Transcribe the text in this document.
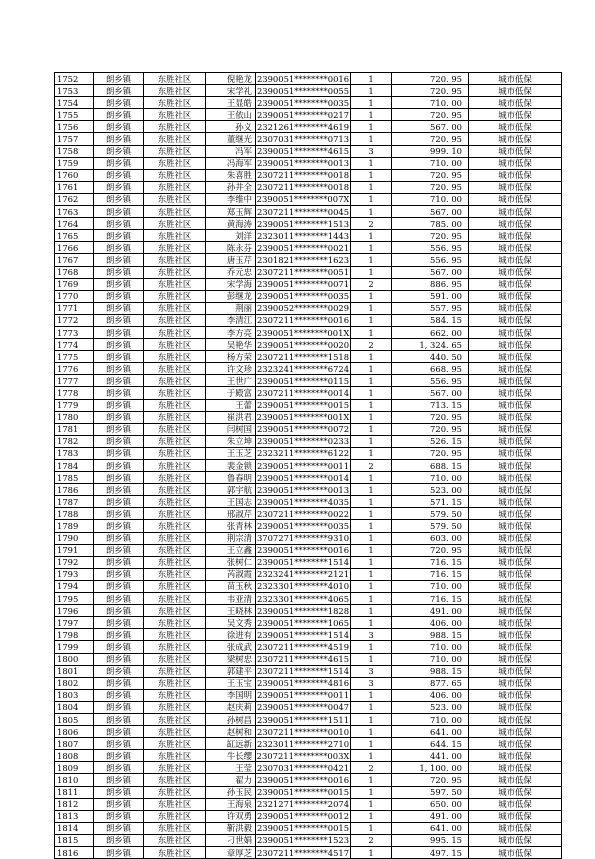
1752	朗乡镇	东胜社区	倪艳龙	2390051********0016	1	720. 95	城市低保
1753	朗乡镇	东胜社区	宋学礼	2390051********0055	1	720. 95	城市低保
1754	朗乡镇	东胜社区	王显皓	2390051********0035	1	710. 00	城市低保
1755	朗乡镇	东胜社区	王依山	2390051********0217	1	720. 95	城市低保
1756	朗乡镇	东胜社区	孙义	2321261********4619	1	567. 00	城市低保
1757	朗乡镇	东胜社区	董继光	2307031********0713	1	720. 95	城市低保
1758	朗乡镇	东胜社区	冯军	2390051********4615	3	999. 10	城市低保
1759	朗乡镇	东胜社区	冯海军	2390051********0013	1	710. 00	城市低保
1760	朗乡镇	东胜社区	朱喜胜	2307211********0018	1	720. 95	城市低保
1761	朗乡镇	东胜社区	孙井全	2307211********0018	1	720. 95	城市低保
1762	朗乡镇	东胜社区	李维中	2390051********007X	1	710. 00	城市低保
1763	朗乡镇	东胜社区	郑玉辉	2307211********0045	1	567. 00	城市低保
1764	朗乡镇	东胜社区	黄海涛	2390051********1513	2	785. 00	城市低保
1765	朗乡镇	东胜社区	刘洋	2323011********1443	1	720. 95	城市低保
1766	朗乡镇	东胜社区	陈永芬	2390051********0021	1	556. 95	城市低保
1767	朗乡镇	东胜社区	唐玉芹	2301821********1623	1	556. 95	城市低保
1768	朗乡镇	东胜社区	乔元忠	2307211********0051	1	567. 00	城市低保
1769	朗乡镇	东胜社区	宋学海	2390051********0071	2	886. 95	城市低保
1770	朗乡镇	东胜社区	彭继龙	2390051********0035	1	591. 00	城市低保
1771	朗乡镇	东胜社区	荆丽	2390052********0029	1	557. 95	城市低保
1772	朗乡镇	东胜社区	李清江	2307211********0016	1	584. 15	城市低保
1773	朗乡镇	东胜社区	李方亮	2390051********001X	1	662. 00	城市低保
1774	朗乡镇	东胜社区	吴艳华	2390051********0020	2	1, 324. 65	城市低保
1775	朗乡镇	东胜社区	杨方荣	2307211********1518	1	440. 50	城市低保
1776	朗乡镇	东胜社区	许文珍	2323241********6724	1	668. 95	城市低保
1777	朗乡镇	东胜社区	王世广	2390051********0115	1	556. 95	城市低保
1778	朗乡镇	东胜社区	于殿富	2307211********0014	1	567. 00	城市低保
1779	朗乡镇	东胜社区	王蕾	2390051********0015	1	713. 15	城市低保
1780	朗乡镇	东胜社区	崔洪君	2390051********001X	1	720. 95	城市低保
1781	朗乡镇	东胜社区	闫树国	2390051********0072	1	720. 95	城市低保
1782	朗乡镇	东胜社区	朱立坤	2390051********0233	1	526. 15	城市低保
1783	朗乡镇	东胜社区	王玉芝	2323211********6122	1	720. 95	城市低保
1784	朗乡镇	东胜社区	裴金锁	2390051********0011	2	688. 15	城市低保
1785	朗乡镇	东胜社区	鲁春明	2390051********0014	1	710. 00	城市低保
1786	朗乡镇	东胜社区	郭宇航	2390051********0013	1	523. 00	城市低保
1787	朗乡镇	东胜社区	王国志	2390051********4035	1	571. 15	城市低保
1788	朗乡镇	东胜社区	邢淑芹	2307211********0022	1	579. 50	城市低保
1789	朗乡镇	东胜社区	张青林	2390051********0035	1	579. 50	城市低保
1790	朗乡镇	东胜社区	荆宗清	3707271********9310	1	603. 00	城市低保
1791	朗乡镇	东胜社区	王立鑫	2390051********0016	1	720. 95	城市低保
1792	朗乡镇	东胜社区	张树仁	2390051********1514	1	716. 15	城市低保
1793	朗乡镇	东胜社区	芮淑霞	2323241********2121	1	716. 15	城市低保
1794	朗乡镇	东胜社区	苗玉秋	2323301********4010	1	710. 00	城市低保
1795	朗乡镇	东胜社区	韦亚清	2323301********4065	1	716. 15	城市低保
1796	朗乡镇	东胜社区	王晓林	2390051********1828	1	491. 00	城市低保
1797	朗乡镇	东胜社区	吴文秀	2390051********1065	1	406. 00	城市低保
1798	朗乡镇	东胜社区	徐进有	2390051********1514	3	988. 15	城市低保
1799	朗乡镇	东胜社区	张成武	2307211********4519	1	710. 00	城市低保
1800	朗乡镇	东胜社区	梁树忠	2307211********4615	1	710. 00	城市低保
1801	朗乡镇	东胜社区	郭建平	2307211********1514	3	988. 15	城市低保
1802	朗乡镇	东胜社区	王玉宝	2390051********4816	3	877. 65	城市低保
1803	朗乡镇	东胜社区	李国明	2390051********0011	1	406. 00	城市低保
1804	朗乡镇	东胜社区	赵庆莉	2390051********0047	1	523. 00	城市低保
1805	朗乡镇	东胜社区	孙树昌	2390051********1511	1	710. 00	城市低保
1806	朗乡镇	东胜社区	赵树和	2307211********0010	1	641. 00	城市低保
1807	朗乡镇	东胜社区	缸远新	2323011********2710	1	644. 15	城市低保
1808	朗乡镇	东胜社区	牛长缨	2307211********003X	1	441. 00	城市低保
1809	朗乡镇	东胜社区	王莹	2307031********0421	2	1, 100. 00	城市低保
1810	朗乡镇	东胜社区	翟力	2390051********0016	1	720. 95	城市低保
1811	朗乡镇	东胜社区	孙玉民	2390051********0015	1	597. 50	城市低保
1812	朗乡镇	东胜社区	王海泉	2321271********2074	1	650. 00	城市低保
1813	朗乡镇	东胜社区	许双勇	2390051********0012	1	491. 00	城市低保
1814	朗乡镇	东胜社区	靳洪毅	2390051********0015	1	641. 00	城市低保
1815	朗乡镇	东胜社区	刁世娟	2390051********1523	2	995. 15	城市低保
1816	朗乡镇	东胜社区	章厚芝	2307211********4517	1	497. 15	城市低保
